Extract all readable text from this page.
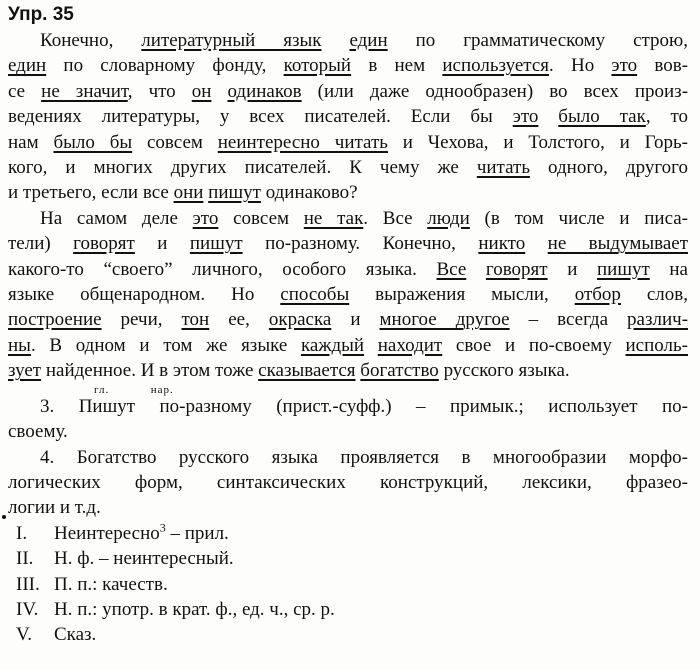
Упр. 35
Конечно, литературный язык един по грамматическому строю,
един по словарному фонду, который в нем используется. Но это вов-
се не значит, что он одинаков (или даже однообразен) во всех произ-
ведениях литературы, у всех писателей. Если бы это было так, то
нам было бы совсем неинтересно читать и Чехова, и Толстого, и Горь-
кого, и многих других писателей. К чему же читать одного, другого
и третьего, если все они пишут одинаково?
На самом деле это совсем не так. Все люди (в том числе и писа-
тели) говорят и пишут по-разному. Конечно, никто не выдумывает
какого-то “своего” личного, особого языка. Все говорят и пишут на
языке общенародном. Но способы выражения мысли, отбор слов,
построение речи, тон ее, окраска и многое другое – всегда различ-
ны. В одном и том же языке каждый находит свое и по-своему исполь-
зует найденное. И в этом тоже сказывается богатство русского языка.
гл.	нар.
3. Пишут по-разному (прист.-суфф.) – примык.; использует по-
своему.
4. Богатство русского языка проявляется в многообразии морфо-
логических форм, синтаксических конструкций, лексики, фразео-
логии и т.д.
I. Неинтересно$^3$ – прил.
II. Н. ф. – неинтересный.
III. П. п.: качеств.
IV. Н. п.: употр. в крат. ф., ед. ч., ср. р.
V. Сказ.
